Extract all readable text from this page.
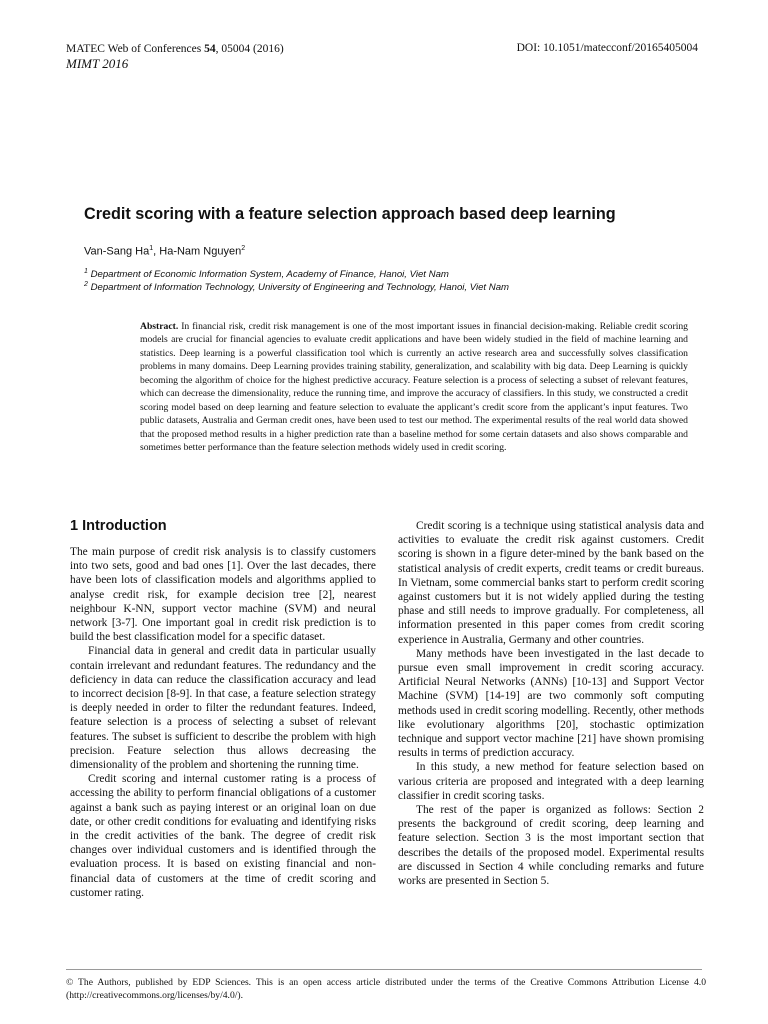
MATEC Web of Conferences 54, 05004 (2016)
MIMT 2016
DOI: 10.1051/matecconf/20165405004
Credit scoring with a feature selection approach based deep learning
Van-Sang Ha$^1$, Ha-Nam Nguyen$^2$
$^1$ Department of Economic Information System, Academy of Finance, Hanoi, Viet Nam
$^2$ Department of Information Technology, University of Engineering and Technology, Hanoi, Viet Nam
Abstract. In financial risk, credit risk management is one of the most important issues in financial decision-making. Reliable credit scoring models are crucial for financial agencies to evaluate credit applications and have been widely studied in the field of machine learning and statistics. Deep learning is a powerful classification tool which is currently an active research area and successfully solves classification problems in many domains. Deep Learning provides training stability, generalization, and scalability with big data. Deep Learning is quickly becoming the algorithm of choice for the highest predictive accuracy. Feature selection is a process of selecting a subset of relevant features, which can decrease the dimensionality, reduce the running time, and improve the accuracy of classifiers. In this study, we constructed a credit scoring model based on deep learning and feature selection to evaluate the applicant’s credit score from the applicant’s input features. Two public datasets, Australia and German credit ones, have been used to test our method. The experimental results of the real world data showed that the proposed method results in a higher prediction rate than a baseline method for some certain datasets and also shows comparable and sometimes better performance than the feature selection methods widely used in credit scoring.
1 Introduction

The main purpose of credit risk analysis is to classify customers into two sets, good and bad ones [1]. Over the last decades, there have been lots of classification models and algorithms applied to analyse credit risk, for example decision tree [2], nearest neighbour K-NN, support vector machine (SVM) and neural network [3-7]. One important goal in credit risk prediction is to build the best classification model for a specific dataset.

Financial data in general and credit data in particular usually contain irrelevant and redundant features. The redundancy and the deficiency in data can reduce the classification accuracy and lead to incorrect decision [8-9]. In that case, a feature selection strategy is deeply needed in order to filter the redundant features. Indeed, feature selection is a process of selecting a subset of relevant features. The subset is sufficient to describe the problem with high precision. Feature selection thus allows decreasing the dimensionality of the problem and shortening the running time.

Credit scoring and internal customer rating is a process of accessing the ability to perform financial obligations of a customer against a bank such as paying interest or an original loan on due date, or other credit conditions for evaluating and identifying risks in the credit activities of the bank. The degree of credit risk changes over individual customers and is identified through the evaluation process. It is based on existing financial and non-financial data of customers at the time of credit scoring and customer rating.

Credit scoring is a technique using statistical analysis data and activities to evaluate the credit risk against customers. Credit scoring is shown in a figure deter-mined by the bank based on the statistical analysis of credit experts, credit teams or credit bureaus. In Vietnam, some commercial banks start to perform credit scoring against customers but it is not widely applied during the testing phase and still needs to improve gradually. For completeness, all information presented in this paper comes from credit scoring experience in Australia, Germany and other countries.

Many methods have been investigated in the last decade to pursue even small improvement in credit scoring accuracy. Artificial Neural Networks (ANNs) [10-13] and Support Vector Machine (SVM) [14-19] are two commonly soft computing methods used in credit scoring modelling. Recently, other methods like evolutionary algorithms [20], stochastic optimization technique and support vector machine [21] have shown promising results in terms of prediction accuracy.

In this study, a new method for feature selection based on various criteria are proposed and integrated with a deep learning classifier in credit scoring tasks.

The rest of the paper is organized as follows: Section 2 presents the background of credit scoring, deep learning and feature selection. Section 3 is the most important section that describes the details of the proposed model. Experimental results are discussed in Section 4 while concluding remarks and future works are presented in Section 5.

© The Authors, published by EDP Sciences. This is an open access article distributed under the terms of the Creative Commons Attribution License 4.0 (http://creativecommons.org/licenses/by/4.0/).
